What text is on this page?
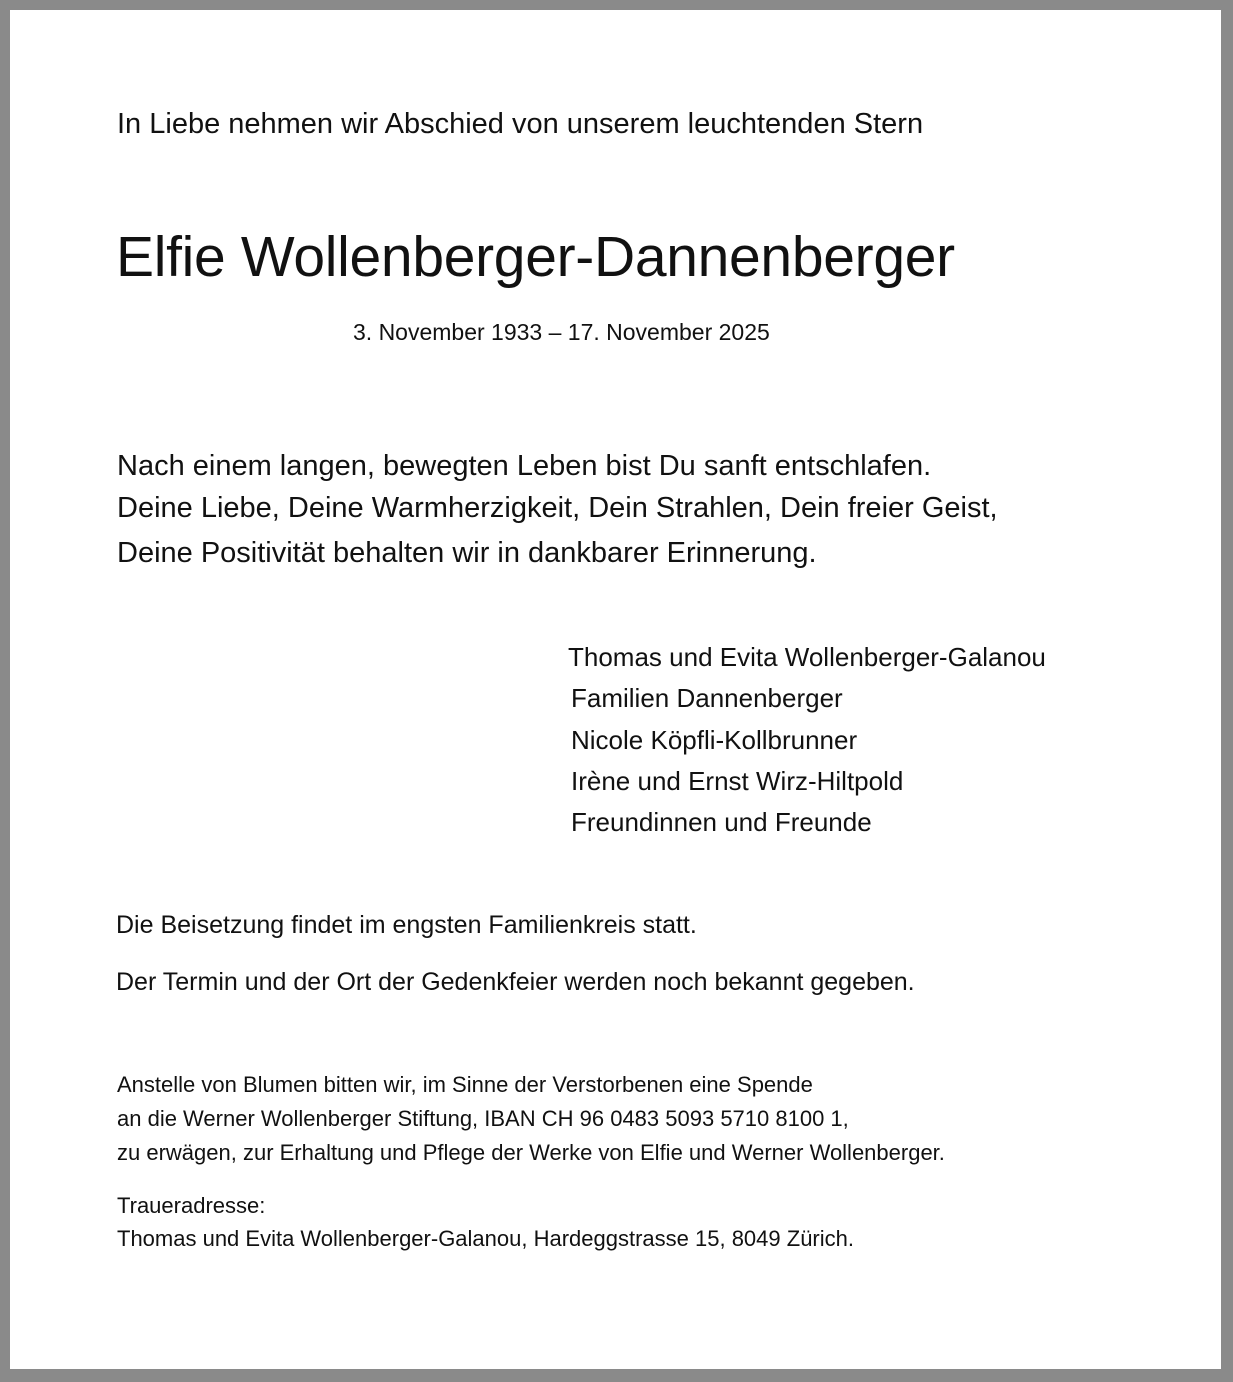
In Liebe nehmen wir Abschied von unserem leuchtenden Stern

Elfie Wollenberger-Dannenberger

3. November 1933 – 17. November 2025

Nach einem langen, bewegten Leben bist Du sanft entschlafen.

Deine Liebe, Deine Warmherzigkeit, Dein Strahlen, Dein freier Geist,

Deine Positivität behalten wir in dankbarer Erinnerung.

Thomas und Evita Wollenberger-Galanou

Familien Dannenberger

Nicole Köpfli-Kollbrunner

Irène und Ernst Wirz-Hiltpold

Freundinnen und Freunde

Die Beisetzung findet im engsten Familienkreis statt.

Der Termin und der Ort der Gedenkfeier werden noch bekannt gegeben.

Anstelle von Blumen bitten wir, im Sinne der Verstorbenen eine Spende

an die Werner Wollenberger Stiftung, IBAN CH 96 0483 5093 5710 8100 1,

zu erwägen, zur Erhaltung und Pflege der Werke von Elfie und Werner Wollenberger.

Traueradresse:

Thomas und Evita Wollenberger-Galanou, Hardeggstrasse 15, 8049 Zürich.
